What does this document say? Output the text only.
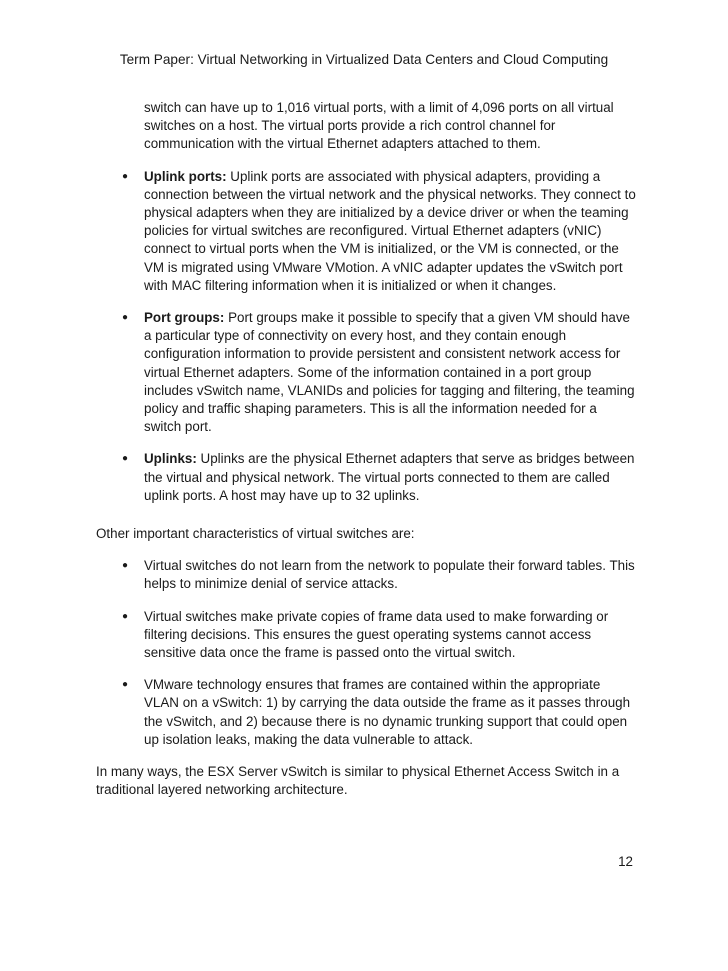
Term Paper: Virtual Networking in Virtualized Data Centers and Cloud Computing

switch can have up to 1,016 virtual ports, with a limit of 4,096 ports on all virtual switches on a host. The virtual ports provide a rich control channel for communication with the virtual Ethernet adapters attached to them.

● Uplink ports: Uplink ports are associated with physical adapters, providing a connection between the virtual network and the physical networks. They connect to physical adapters when they are initialized by a device driver or when the teaming policies for virtual switches are reconfigured. Virtual Ethernet adapters (vNIC) connect to virtual ports when the VM is initialized, or the VM is connected, or the VM is migrated using VMware VMotion. A vNIC adapter updates the vSwitch port with MAC filtering information when it is initialized or when it changes.
● Port groups: Port groups make it possible to specify that a given VM should have a particular type of connectivity on every host, and they contain enough configuration information to provide persistent and consistent network access for virtual Ethernet adapters. Some of the information contained in a port group includes vSwitch name, VLANIDs and policies for tagging and filtering, the teaming policy and traffic shaping parameters. This is all the information needed for a switch port.
● Uplinks: Uplinks are the physical Ethernet adapters that serve as bridges between the virtual and physical network. The virtual ports connected to them are called uplink ports. A host may have up to 32 uplinks.

Other important characteristics of virtual switches are:

● Virtual switches do not learn from the network to populate their forward tables. This helps to minimize denial of service attacks.
● Virtual switches make private copies of frame data used to make forwarding or filtering decisions. This ensures the guest operating systems cannot access sensitive data once the frame is passed onto the virtual switch.
● VMware technology ensures that frames are contained within the appropriate VLAN on a vSwitch: 1) by carrying the data outside the frame as it passes through the vSwitch, and 2) because there is no dynamic trunking support that could open up isolation leaks, making the data vulnerable to attack.

In many ways, the ESX Server vSwitch is similar to physical Ethernet Access Switch in a traditional layered networking architecture.

12
